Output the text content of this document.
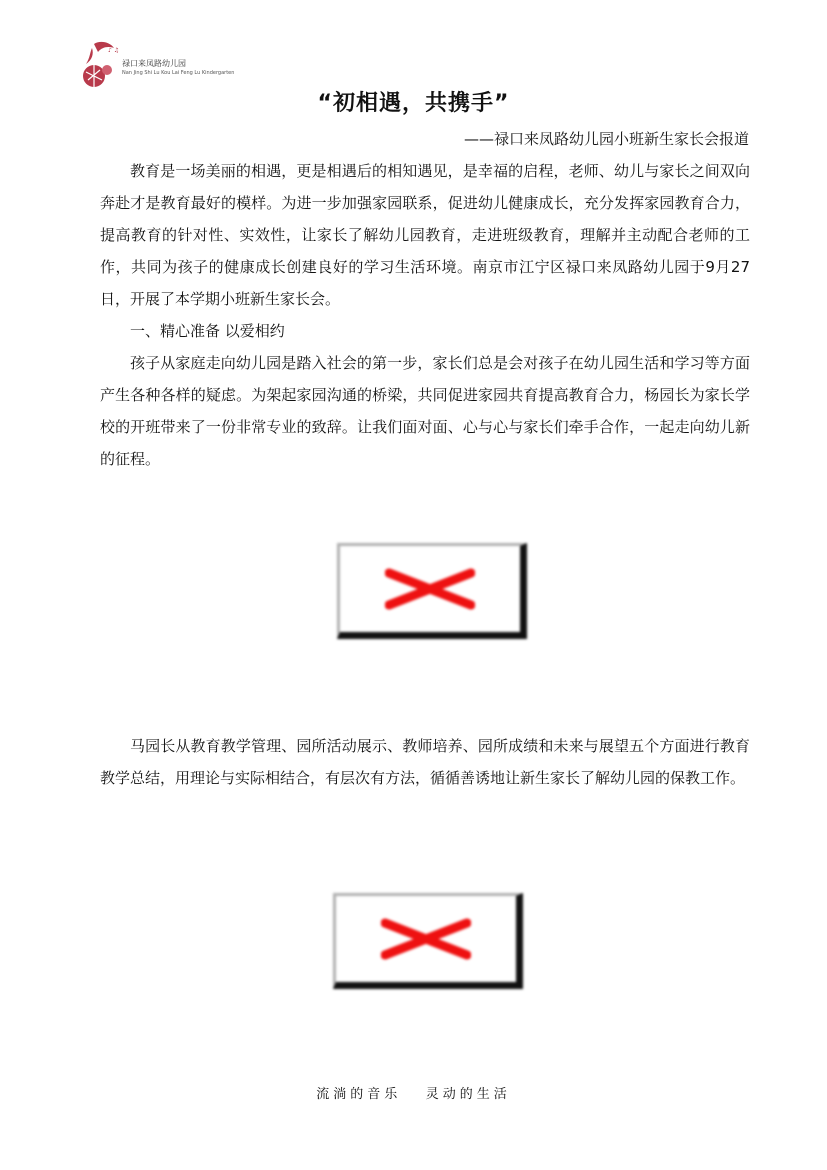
♪ ♫
禄口来凤路幼儿园
Nan Jing Shi Lu Kou Lai Feng Lu Kindergarten
“初相遇，共携手”

——禄口来凤路幼儿园小班新生家长会报道

教育是一场美丽的相遇，更是相遇后的相知遇见，是幸福的启程，老师、幼儿与家长之间双向奔赴才是教育最好的模样。为进一步加强家园联系，促进幼儿健康成长，充分发挥家园教育合力，提高教育的针对性、实效性，让家长了解幼儿园教育，走进班级教育，理解并主动配合老师的工作，共同为孩子的健康成长创建良好的学习生活环境。南京市江宁区禄口来凤路幼儿园于9月27日，开展了本学期小班新生家长会。

一、精心准备 以爱相约

孩子从家庭走向幼儿园是踏入社会的第一步，家长们总是会对孩子在幼儿园生活和学习等方面产生各种各样的疑虑。为架起家园沟通的桥梁，共同促进家园共育提高教育合力，杨园长为家长学校的开班带来了一份非常专业的致辞。让我们面对面、心与心与家长们牵手合作，一起走向幼儿新的征程。

马园长从教育教学管理、园所活动展示、教师培养、园所成绩和未来与展望五个方面进行教育教学总结，用理论与实际相结合，有层次有方法，循循善诱地让新生家长了解幼儿园的保教工作。

流淌的音乐   灵动的生活
